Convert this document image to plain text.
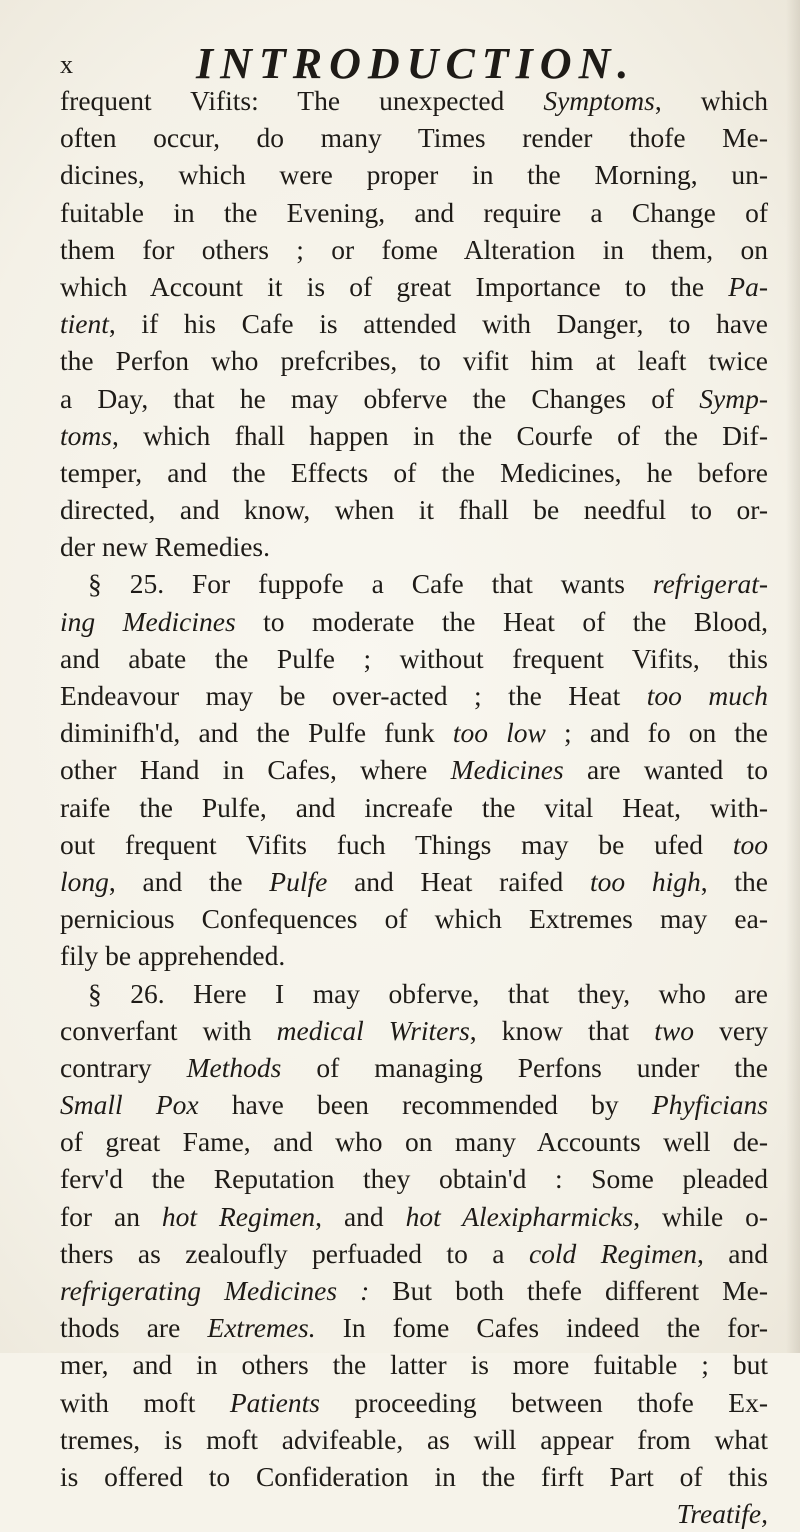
x	INTRODUCTION.
frequent Vifits: The unexpected Symptoms, which
often occur, do many Times render thofe Me-
dicines, which were proper in the Morning, un-
fuitable in the Evening, and require a Change of
them for others ; or fome Alteration in them, on
which Account it is of great Importance to the Pa-
tient, if his Cafe is attended with Danger, to have
the Perfon who prefcribes, to vifit him at leaft twice
a Day, that he may obferve the Changes of Symp-
toms, which fhall happen in the Courfe of the Dif-
temper, and the Effects of the Medicines, he before
directed, and know, when it fhall be needful to or-
der new Remedies.
§ 25. For fuppofe a Cafe that wants refrigerat-
ing Medicines to moderate the Heat of the Blood,
and abate the Pulfe ; without frequent Vifits, this
Endeavour may be over-acted ; the Heat too much
diminifh'd, and the Pulfe funk too low ; and fo on the
other Hand in Cafes, where Medicines are wanted to
raife the Pulfe, and increafe the vital Heat, with-
out frequent Vifits fuch Things may be ufed too
long, and the Pulfe and Heat raifed too high, the
pernicious Confequences of which Extremes may ea-
fily be apprehended.
§ 26. Here I may obferve, that they, who are
converfant with medical Writers, know that two very
contrary Methods of managing Perfons under the
Small Pox have been recommended by Phyficians
of great Fame, and who on many Accounts well de-
ferv'd the Reputation they obtain'd : Some pleaded
for an hot Regimen, and hot Alexipharmicks, while o-
thers as zealoufly perfuaded to a cold Regimen, and
refrigerating Medicines : But both thefe different Me-
thods are Extremes. In fome Cafes indeed the for-
mer, and in others the latter is more fuitable ; but
with moft Patients proceeding between thofe Ex-
tremes, is moft advifeable, as will appear from what
is offered to Confideration in the firft Part of this
Treatife,
